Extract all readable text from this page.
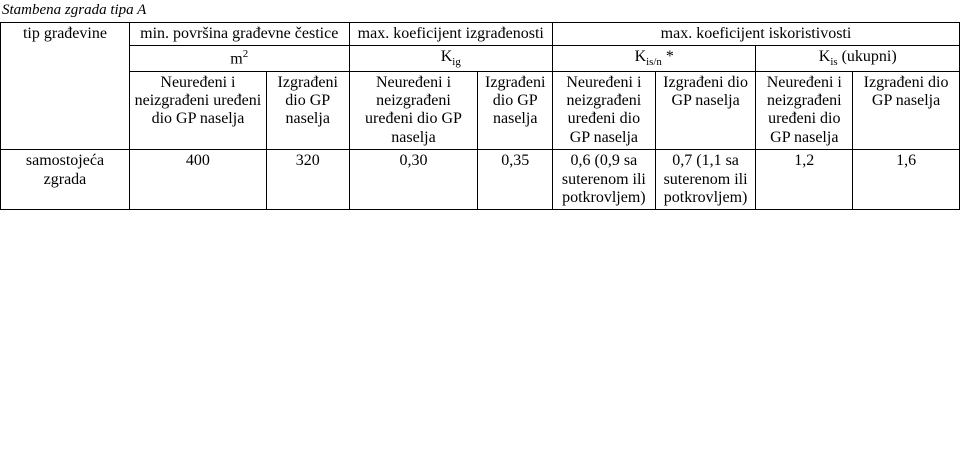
Stambena zgrada tipa A
tip građevine	min. površina građevne čestice		max. koeficijent izgrađenosti		max. koeficijent iskoristivosti			
	$m^2$		$K_{ig}$		$K_{is/n}$ *		$K_{is}$ (ukupni)	
	Neuređeni i neizgrađeni uređeni dio GP naselja	Izgrađeni dio GP naselja	Neuređeni i neizgrađeni uređeni dio GP naselja	Izgrađeni dio GP naselja	Neuređeni i neizgrađeni uređeni dio GP naselja	Izgrađeni dio GP naselja	Neuređeni i neizgrađeni uređeni dio GP naselja	Izgrađeni dio GP naselja
samostojeća zgrada	400	320	0,30	0,35	0,6 (0,9 sa suterenom ili potkrovljem)	0,7 (1,1 sa suterenom ili potkrovljem)	1,2	1,6
